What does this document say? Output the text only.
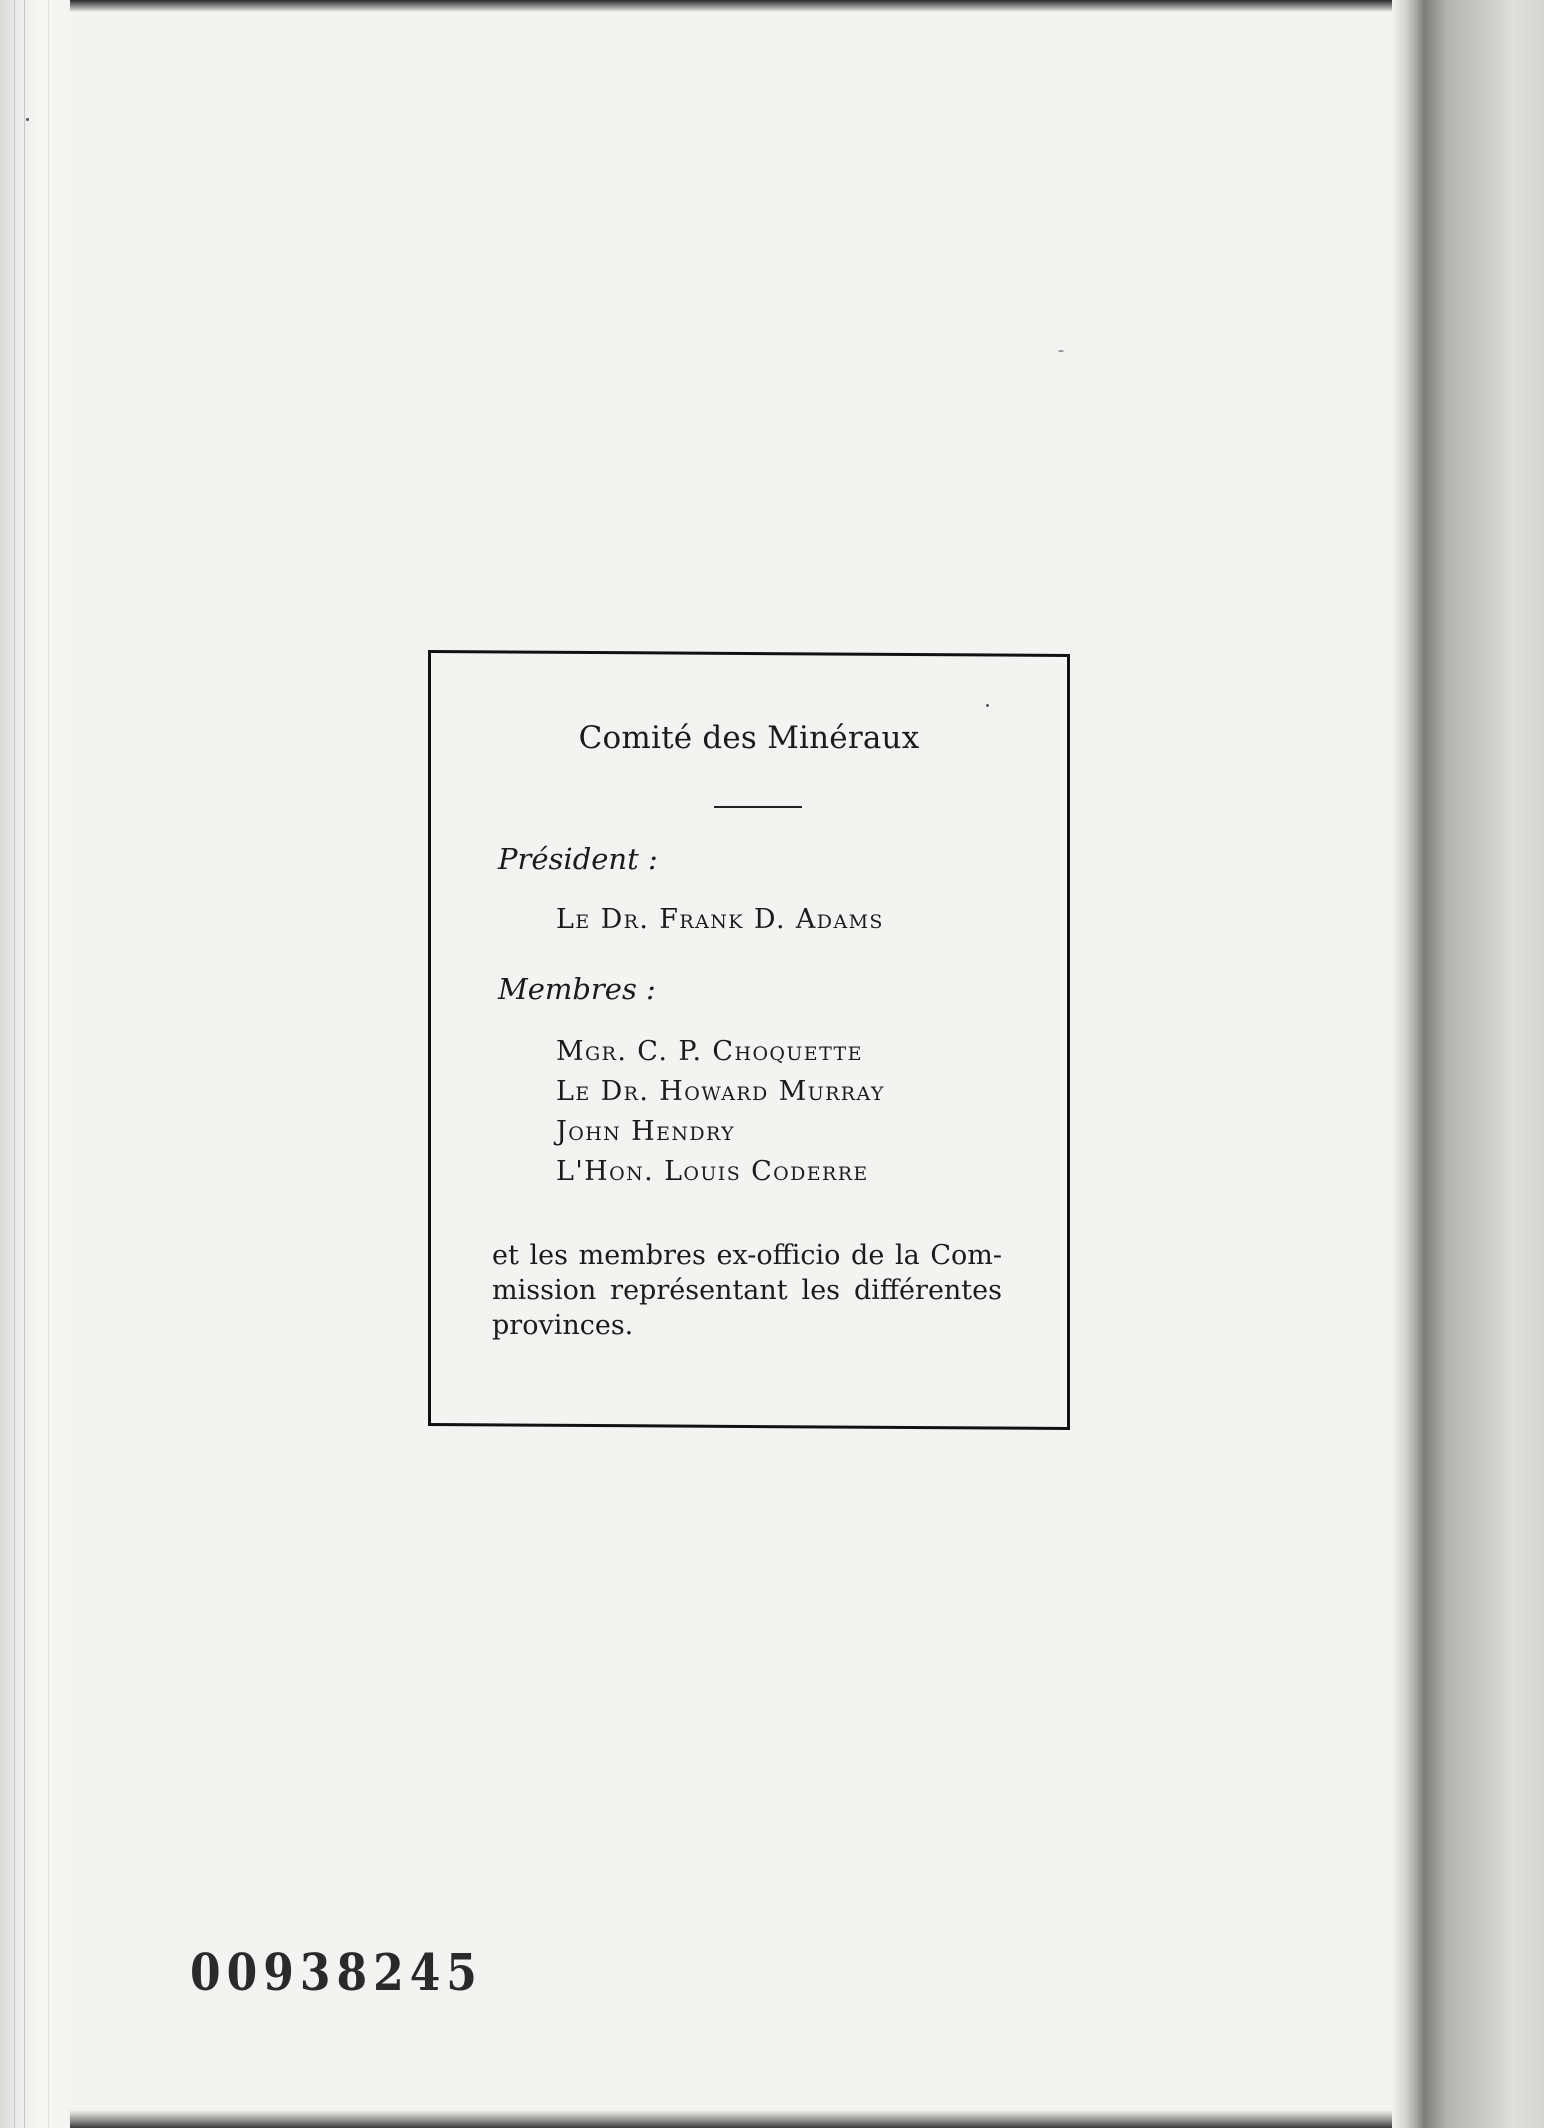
Comité des Minéraux
Président :
Le Dr. Frank D. Adams
Membres :
Mgr. C. P. Choquette
Le Dr. Howard Murray
John Hendry
L'Hon. Louis Coderre
et les membres ex-officio de la Com-
mission représentant les différentes
provinces.
00938245
